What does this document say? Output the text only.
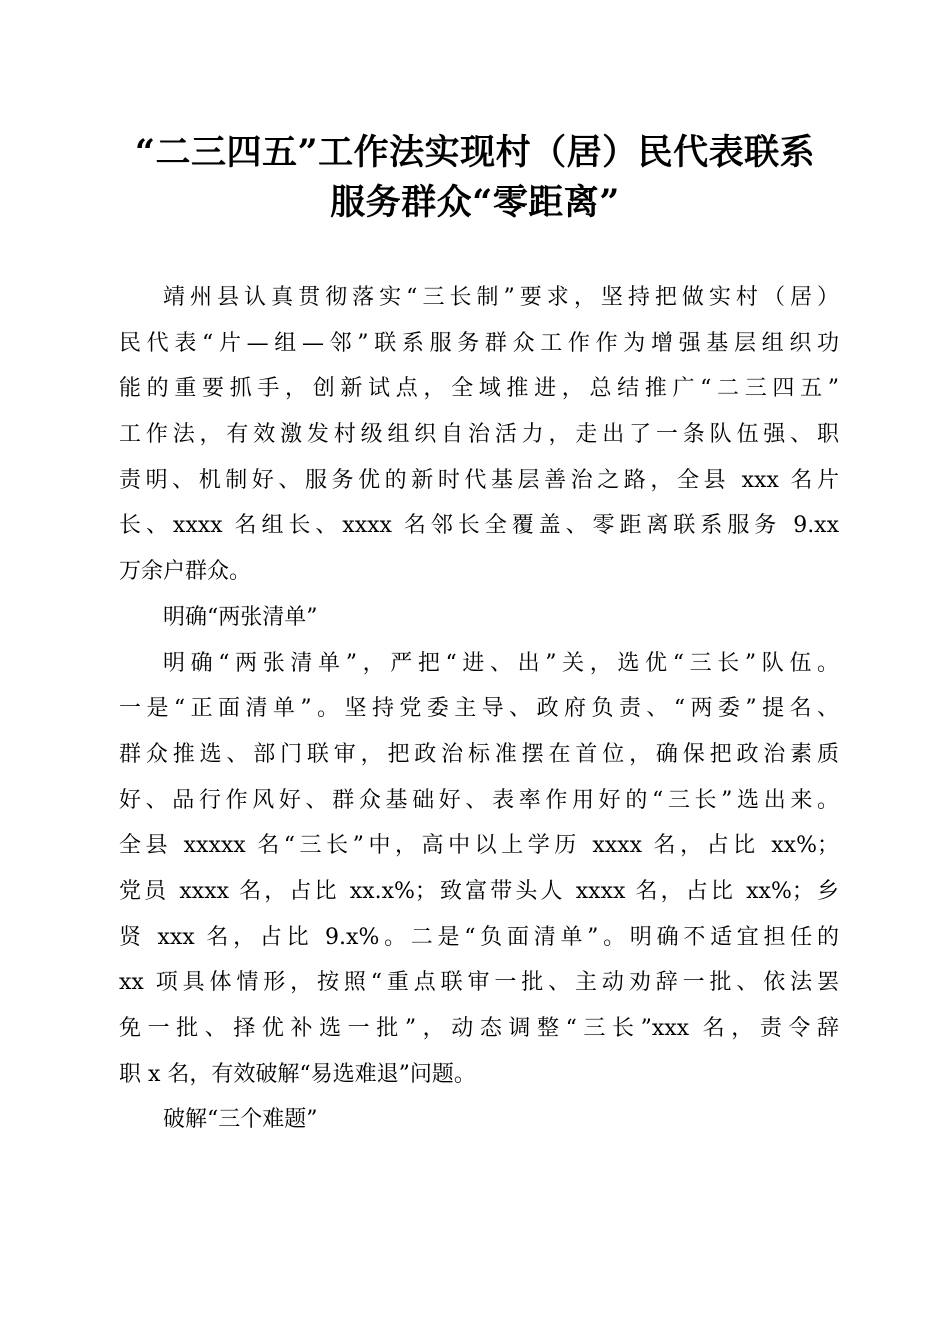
“二三四五”工作法实现村（居）民代表联系
服务群众“零距离”
靖州县认真贯彻落实“三长制”要求，坚持把做实村（居）
民代表“片—组—邻”联系服务群众工作作为增强基层组织功
能的重要抓手，创新试点，全域推进，总结推广“二三四五”
工作法，有效激发村级组织自治活力，走出了一条队伍强、职
责明、机制好、服务优的新时代基层善治之路，全县 xxx 名片
长、xxxx 名组长、xxxx 名邻长全覆盖、零距离联系服务 9.xx
万余户群众。
明确“两张清单”
明确“两张清单”，严把“进、出”关，选优“三长”队伍。
一是“正面清单”。坚持党委主导、政府负责、“两委”提名、
群众推选、部门联审，把政治标准摆在首位，确保把政治素质
好、品行作风好、群众基础好、表率作用好的“三长”选出来。
全县 xxxxx 名“三长”中，高中以上学历 xxxx 名，占比 xx%；
党员 xxxx 名，占比 xx.x%；致富带头人 xxxx 名，占比 xx%；乡
贤 xxx 名，占比 9.x%。二是“负面清单”。明确不适宜担任的
xx 项具体情形，按照“重点联审一批、主动劝辞一批、依法罢
免一批、择优补选一批”，动态调整“三长”xxx 名，责令辞
职 x 名，有效破解“易选难退”问题。
破解“三个难题”
